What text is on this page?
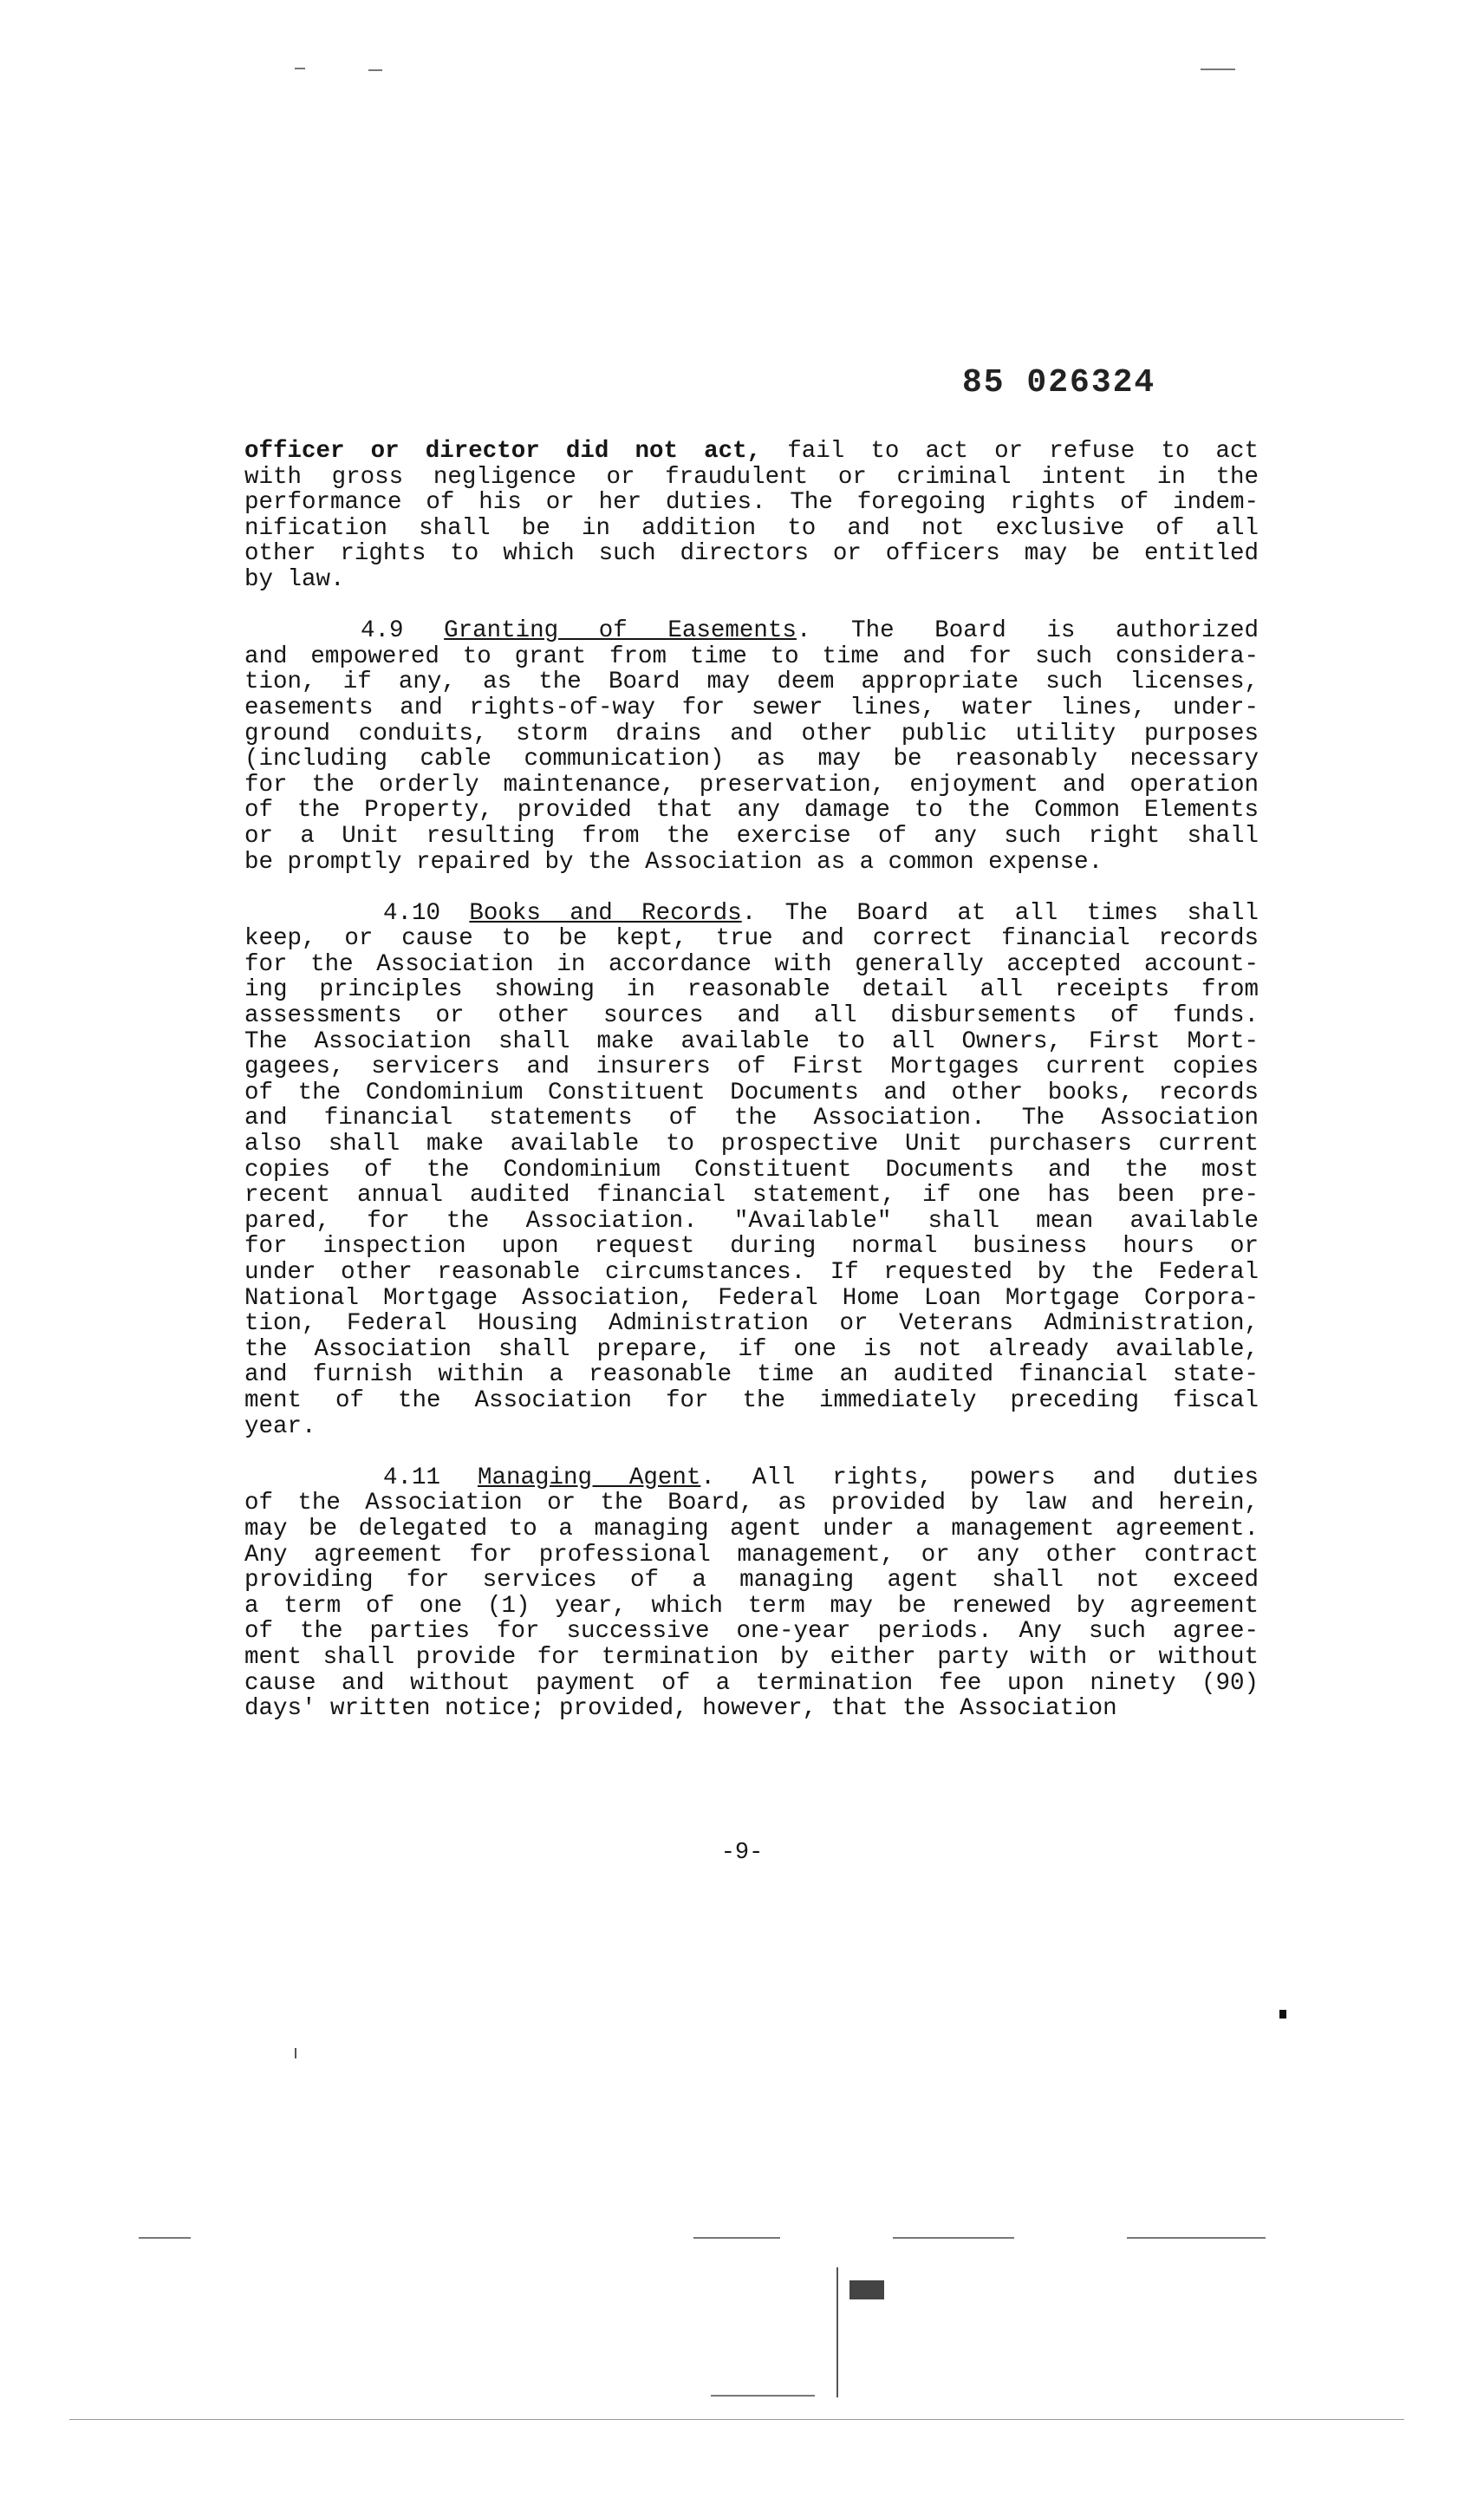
85 026324
officer or director did not act, fail to act or refuse to act
with gross negligence or fraudulent or criminal intent in the
performance of his or her duties. The foregoing rights of indem-
nification shall be in addition to and not exclusive of all
other rights to which such directors or officers may be entitled
by law.
4.9 Granting of Easements. The Board is authorized
and empowered to grant from time to time and for such considera-
tion, if any, as the Board may deem appropriate such licenses,
easements and rights-of-way for sewer lines, water lines, under-
ground conduits, storm drains and other public utility purposes
(including cable communication) as may be reasonably necessary
for the orderly maintenance, preservation, enjoyment and operation
of the Property, provided that any damage to the Common Elements
or a Unit resulting from the exercise of any such right shall
be promptly repaired by the Association as a common expense.
4.10 Books and Records. The Board at all times shall
keep, or cause to be kept, true and correct financial records
for the Association in accordance with generally accepted account-
ing principles showing in reasonable detail all receipts from
assessments or other sources and all disbursements of funds.
The Association shall make available to all Owners, First Mort-
gagees, servicers and insurers of First Mortgages current copies
of the Condominium Constituent Documents and other books, records
and financial statements of the Association. The Association
also shall make available to prospective Unit purchasers current
copies of the Condominium Constituent Documents and the most
recent annual audited financial statement, if one has been pre-
pared, for the Association. "Available" shall mean available
for inspection upon request during normal business hours or
under other reasonable circumstances. If requested by the Federal
National Mortgage Association, Federal Home Loan Mortgage Corpora-
tion, Federal Housing Administration or Veterans Administration,
the Association shall prepare, if one is not already available,
and furnish within a reasonable time an audited financial state-
ment of the Association for the immediately preceding fiscal
year.
4.11 Managing Agent. All rights, powers and duties
of the Association or the Board, as provided by law and herein,
may be delegated to a managing agent under a management agreement.
Any agreement for professional management, or any other contract
providing for services of a managing agent shall not exceed
a term of one (1) year, which term may be renewed by agreement
of the parties for successive one-year periods. Any such agree-
ment shall provide for termination by either party with or without
cause and without payment of a termination fee upon ninety (90)
days' written notice; provided, however, that the Association
-9-
